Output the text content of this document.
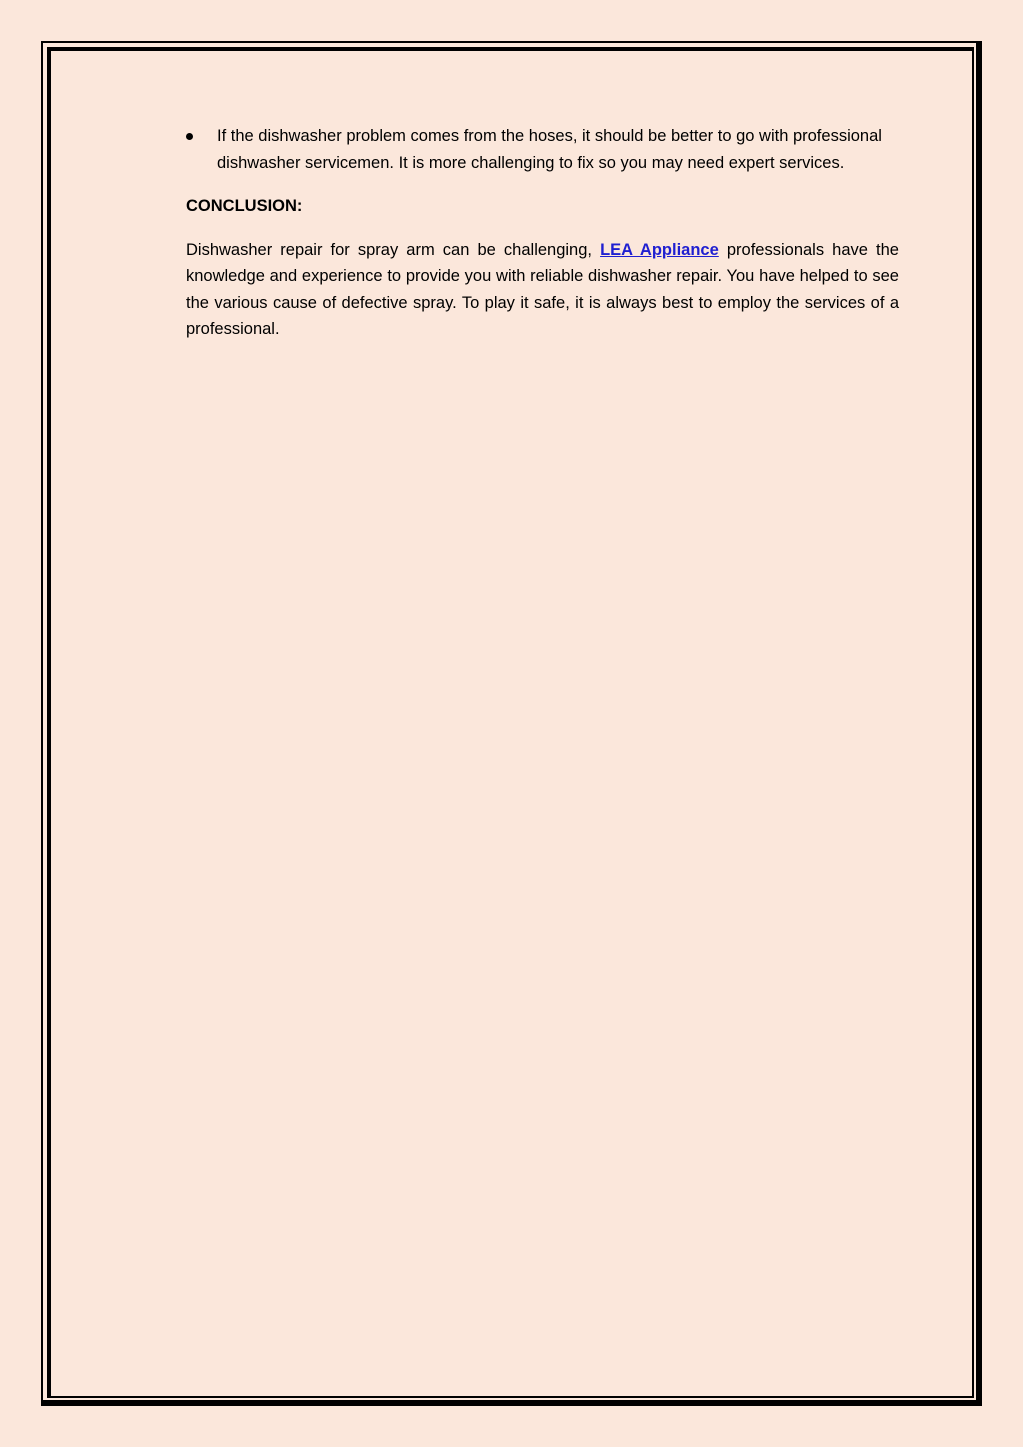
If the dishwasher problem comes from the hoses, it should be better to go with professional dishwasher servicemen. It is more challenging to fix so you may need expert services.
CONCLUSION:

Dishwasher repair for spray arm can be challenging, LEA Appliance professionals have the knowledge and experience to provide you with reliable dishwasher repair. You have helped to see the various cause of defective spray. To play it safe, it is always best to employ the services of a professional.
